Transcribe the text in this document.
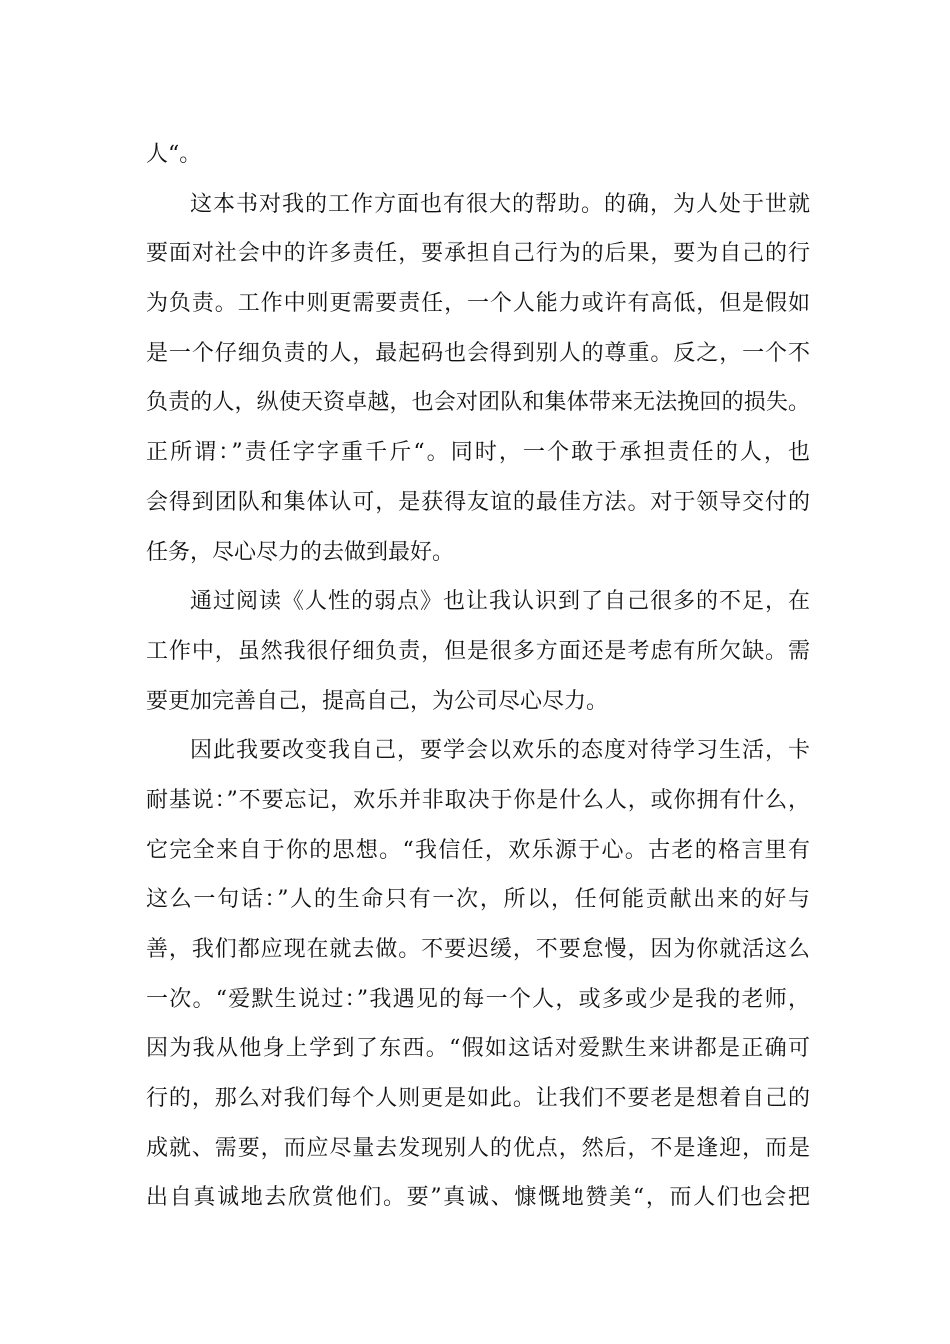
人“。
这本书对我的工作方面也有很大的帮助。的确，为人处于世就
要面对社会中的许多责任，要承担自己行为的后果，要为自己的行
为负责。工作中则更需要责任，一个人能力或许有高低，但是假如
是一个仔细负责的人，最起码也会得到别人的尊重。反之，一个不
负责的人，纵使天资卓越，也会对团队和集体带来无法挽回的损失。
正所谓：”责任字字重千斤“。同时，一个敢于承担责任的人，也
会得到团队和集体认可，是获得友谊的最佳方法。对于领导交付的
任务，尽心尽力的去做到最好。
通过阅读《人性的弱点》也让我认识到了自己很多的不足，在
工作中，虽然我很仔细负责，但是很多方面还是考虑有所欠缺。需
要更加完善自己，提高自己，为公司尽心尽力。
因此我要改变我自己，要学会以欢乐的态度对待学习生活，卡
耐基说：”不要忘记，欢乐并非取决于你是什么人，或你拥有什么，
它完全来自于你的思想。“我信任，欢乐源于心。古老的格言里有
这么一句话：”人的生命只有一次，所以，任何能贡献出来的好与
善，我们都应现在就去做。不要迟缓，不要怠慢，因为你就活这么
一次。“爱默生说过：”我遇见的每一个人，或多或少是我的老师，
因为我从他身上学到了东西。“假如这话对爱默生来讲都是正确可
行的，那么对我们每个人则更是如此。让我们不要老是想着自己的
成就、需要，而应尽量去发现别人的优点，然后，不是逢迎，而是
出自真诚地去欣赏他们。要”真诚、慷慨地赞美“，而人们也会把
